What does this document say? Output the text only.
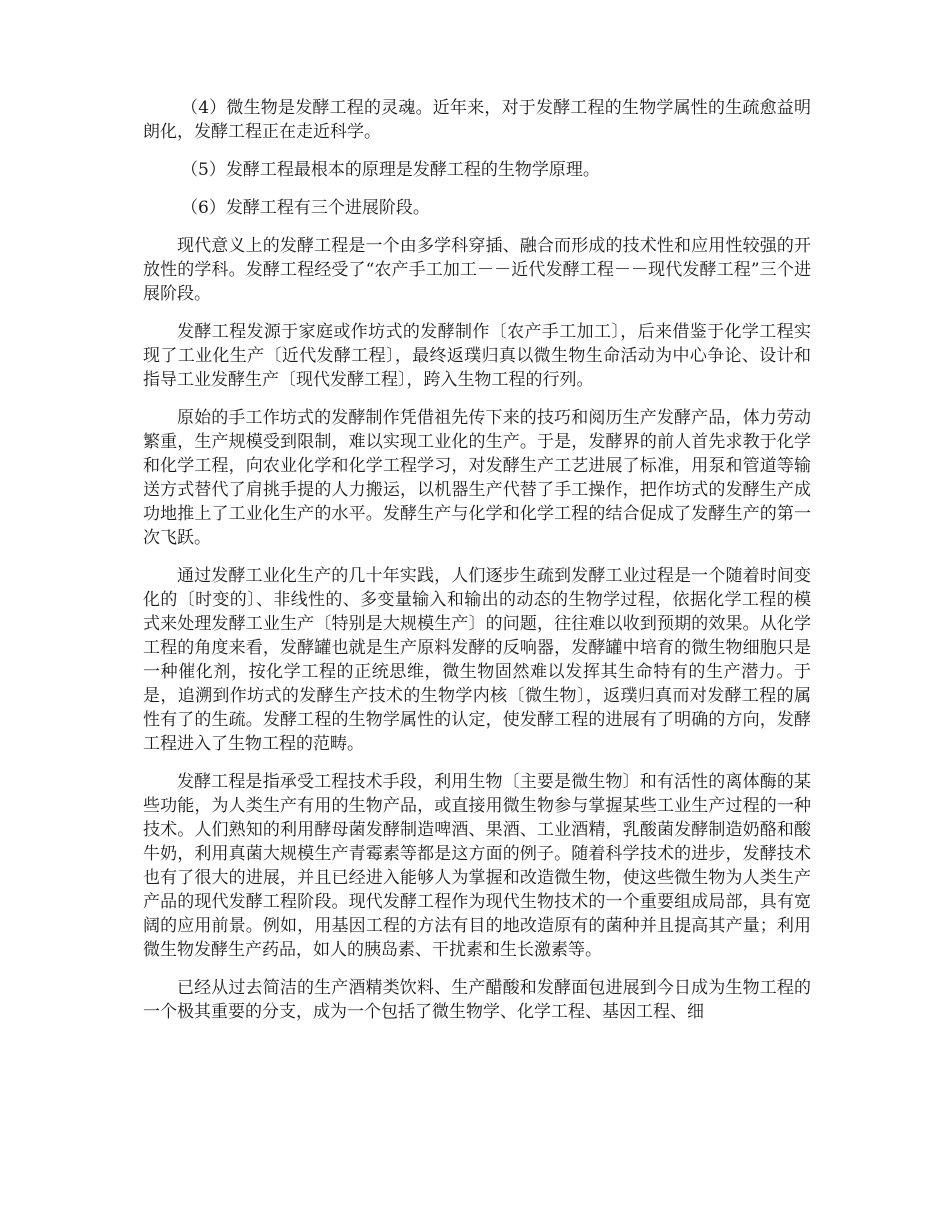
（4）微生物是发酵工程的灵魂。近年来，对于发酵工程的生物学属性的生疏愈益明朗化，发酵工程正在走近科学。

（5）发酵工程最根本的原理是发酵工程的生物学原理。

（6）发酵工程有三个进展阶段。

现代意义上的发酵工程是一个由多学科穿插、融合而形成的技术性和应用性较强的开放性的学科。发酵工程经受了“农产手工加工－－近代发酵工程－－现代发酵工程”三个进展阶段。

发酵工程发源于家庭或作坊式的发酵制作〔农产手工加工〕，后来借鉴于化学工程实现了工业化生产〔近代发酵工程〕，最终返璞归真以微生物生命活动为中心争论、设计和指导工业发酵生产〔现代发酵工程〕，跨入生物工程的行列。

原始的手工作坊式的发酵制作凭借祖先传下来的技巧和阅历生产发酵产品，体力劳动繁重，生产规模受到限制，难以实现工业化的生产。于是，发酵界的前人首先求教于化学和化学工程，向农业化学和化学工程学习，对发酵生产工艺进展了标准，用泵和管道等输送方式替代了肩挑手提的人力搬运，以机器生产代替了手工操作，把作坊式的发酵生产成功地推上了工业化生产的水平。发酵生产与化学和化学工程的结合促成了发酵生产的第一次飞跃。

通过发酵工业化生产的几十年实践，人们逐步生疏到发酵工业过程是一个随着时间变化的〔时变的〕、非线性的、多变量输入和输出的动态的生物学过程，依据化学工程的模式来处理发酵工业生产〔特别是大规模生产〕的问题，往往难以收到预期的效果。从化学工程的角度来看，发酵罐也就是生产原料发酵的反响器，发酵罐中培育的微生物细胞只是一种催化剂，按化学工程的正统思维，微生物固然难以发挥其生命特有的生产潜力。于是，追溯到作坊式的发酵生产技术的生物学内核〔微生物〕，返璞归真而对发酵工程的属性有了的生疏。发酵工程的生物学属性的认定，使发酵工程的进展有了明确的方向，发酵工程进入了生物工程的范畴。

发酵工程是指承受工程技术手段，利用生物〔主要是微生物〕和有活性的离体酶的某些功能，为人类生产有用的生物产品，或直接用微生物参与掌握某些工业生产过程的一种技术。人们熟知的利用酵母菌发酵制造啤酒、果酒、工业酒精，乳酸菌发酵制造奶酪和酸牛奶，利用真菌大规模生产青霉素等都是这方面的例子。随着科学技术的进步，发酵技术也有了很大的进展，并且已经进入能够人为掌握和改造微生物，使这些微生物为人类生产产品的现代发酵工程阶段。现代发酵工程作为现代生物技术的一个重要组成局部，具有宽阔的应用前景。例如，用基因工程的方法有目的地改造原有的菌种并且提高其产量；利用微生物发酵生产药品，如人的胰岛素、干扰素和生长激素等。

已经从过去简洁的生产酒精类饮料、生产醋酸和发酵面包进展到今日成为生物工程的一个极其重要的分支，成为一个包括了微生物学、化学工程、基因工程、细
